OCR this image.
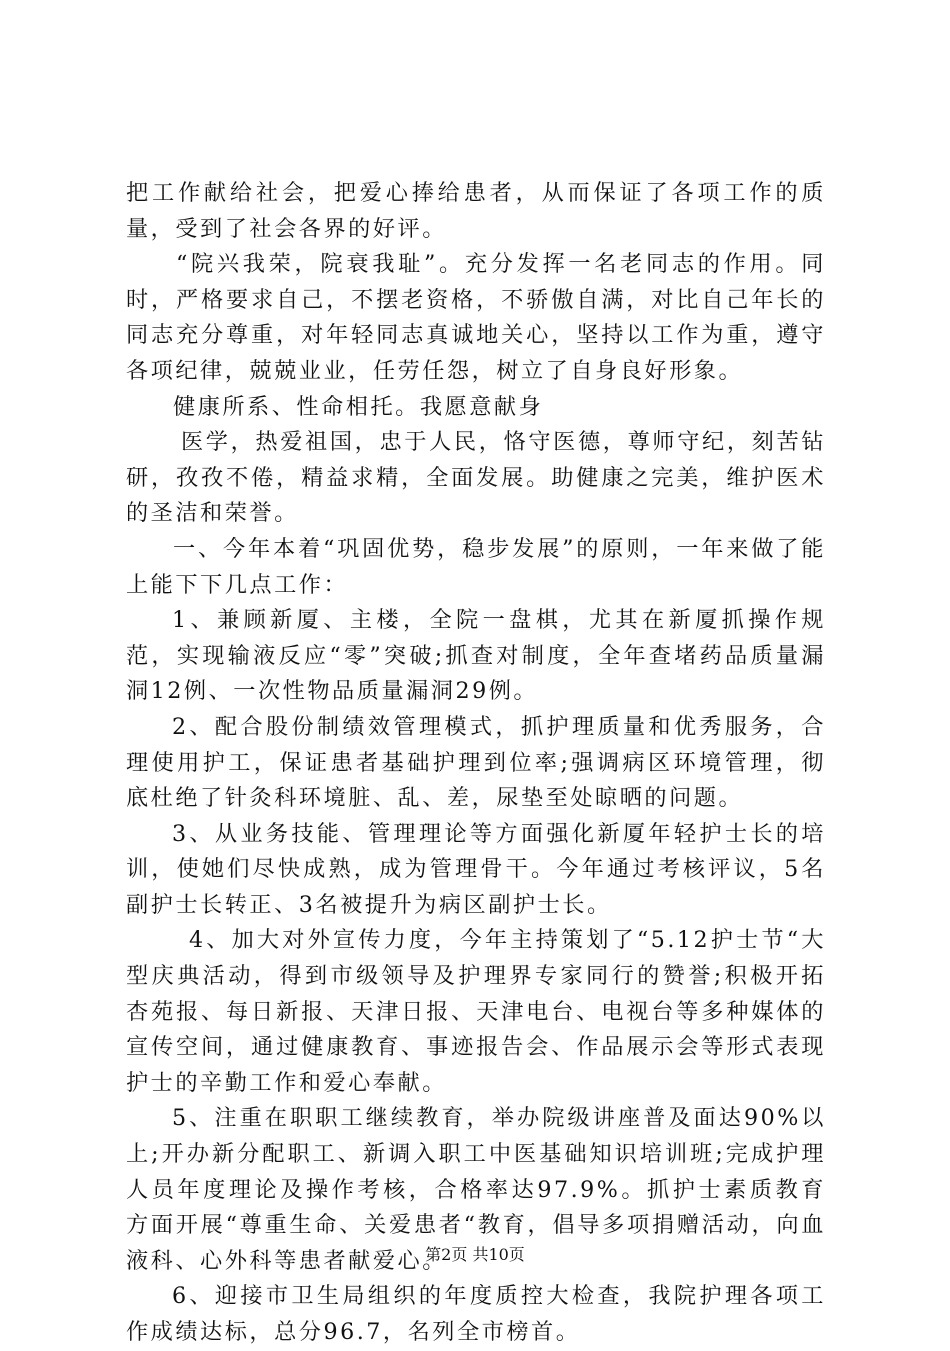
把工作献给社会，把爱心捧给患者，从而保证了各项工作的质量，受到了社会各界的好评。

“院兴我荣，院衰我耻”。充分发挥一名老同志的作用。同时，严格要求自己，不摆老资格，不骄傲自满，对比自己年长的同志充分尊重，对年轻同志真诚地关心，坚持以工作为重，遵守各项纪律，兢兢业业，任劳任怨，树立了自身良好形象。

健康所系、性命相托。我愿意献身

医学，热爱祖国，忠于人民，恪守医德，尊师守纪，刻苦钻研，孜孜不倦，精益求精，全面发展。助健康之完美，维护医术的圣洁和荣誉。

一、今年本着“巩固优势，稳步发展”的原则，一年来做了能上能下下几点工作：

1、兼顾新厦、主楼，全院一盘棋，尤其在新厦抓操作规范，实现输液反应“零”突破;抓查对制度，全年查堵药品质量漏洞12例、一次性物品质量漏洞29例。

2、配合股份制绩效管理模式，抓护理质量和优秀服务，合理使用护工，保证患者基础护理到位率;强调病区环境管理，彻底杜绝了针灸科环境脏、乱、差，尿垫至处晾晒的问题。

3、从业务技能、管理理论等方面强化新厦年轻护士长的培训，使她们尽快成熟，成为管理骨干。今年通过考核评议，5名副护士长转正、3名被提升为病区副护士长。

4、加大对外宣传力度，今年主持策划了“5.12护士节“大型庆典活动，得到市级领导及护理界专家同行的赞誉;积极开拓杏苑报、每日新报、天津日报、天津电台、电视台等多种媒体的宣传空间，通过健康教育、事迹报告会、作品展示会等形式表现护士的辛勤工作和爱心奉献。

5、注重在职职工继续教育，举办院级讲座普及面达90%以上;开办新分配职工、新调入职工中医基础知识培训班;完成护理人员年度理论及操作考核，合格率达97.9%。抓护士素质教育方面开展“尊重生命、关爱患者“教育，倡导多项捐赠活动，向血液科、心外科等患者献爱心。

6、迎接市卫生局组织的年度质控大检查，我院护理各项工作成绩达标，总分96.7，名列全市榜首。

第2页 共10页
